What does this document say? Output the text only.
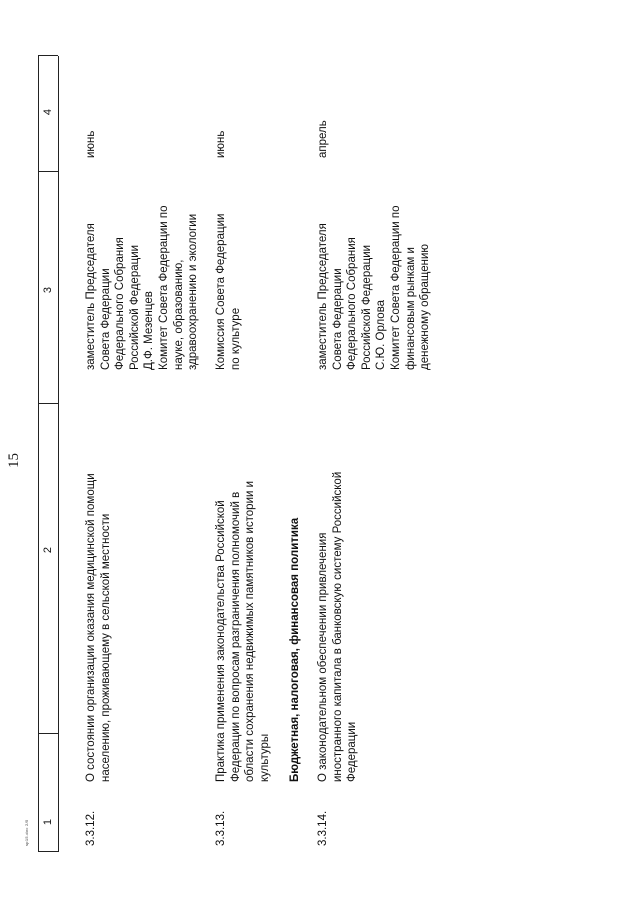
15
1
2
3
4
3.3.12.
О состоянии организации оказания медицинской помощи
населению, проживающему в сельской местности
заместитель Председателя
Совета Федерации
Федерального Собрания
Российской Федерации
Д.Ф. Мезенцев
Комитет Совета Федерации по
науке, образованию,
здравоохранению и экологии
июнь
3.3.13.
Практика применения законодательства Российской
Федерации по вопросам разграничения полномочий в
области сохранения недвижимых памятников истории и
культуры
Комиссия Совета Федерации
по культуре
июнь
Бюджетная, налоговая, финансовая политика
3.3.14.
О законодательном обеспечении привлечения
иностранного капитала в банковскую систему Российской
Федерации
заместитель Председателя
Совета Федерации
Федерального Собрания
Российской Федерации
С.Ю. Орлова
Комитет Совета Федерации по
финансовым рынкам и
денежному обращению
апрель
sp15.doc 2/5
